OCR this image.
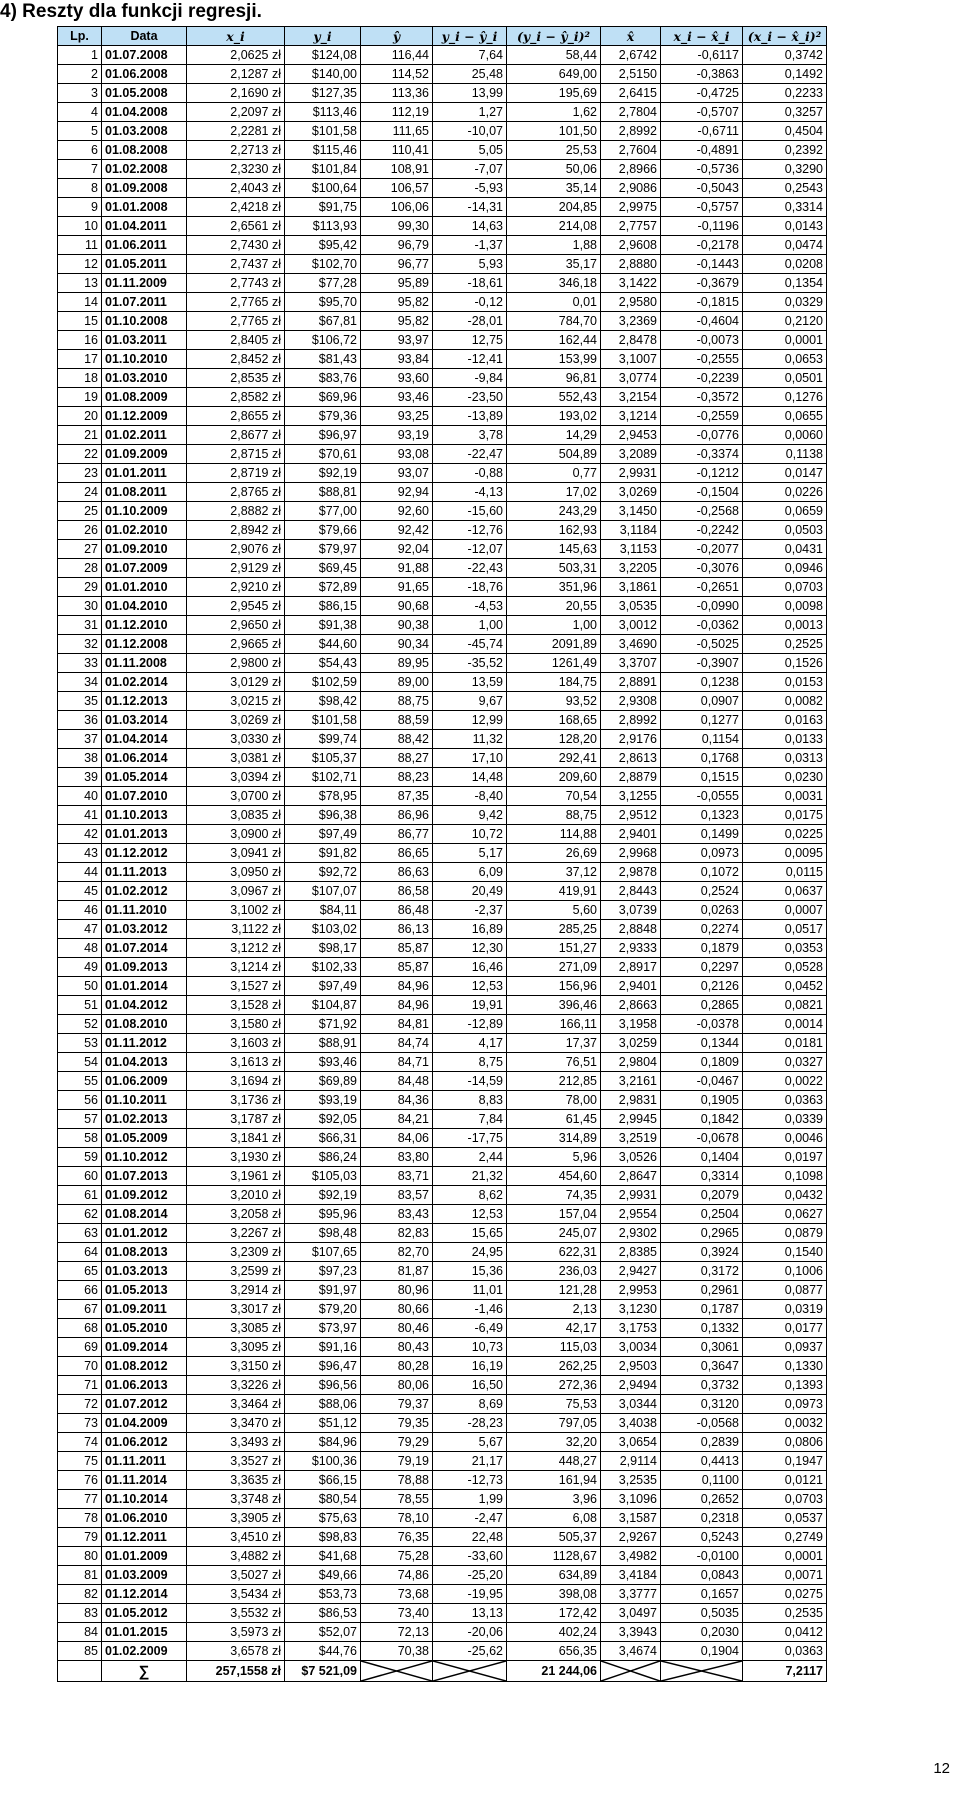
4) Reszty dla funkcji regresji.
Lp.	Data	x_i	y_i	ŷ	y_i − ŷ_i	(y_i − ŷ_i)²	x̂	x_i − x̂_i	(x_i − x̂_i)²
1	01.07.2008	2,0625 zł	$124,08	116,44	7,64	58,44	2,6742	-0,6117	0,3742
2	01.06.2008	2,1287 zł	$140,00	114,52	25,48	649,00	2,5150	-0,3863	0,1492
3	01.05.2008	2,1690 zł	$127,35	113,36	13,99	195,69	2,6415	-0,4725	0,2233
4	01.04.2008	2,2097 zł	$113,46	112,19	1,27	1,62	2,7804	-0,5707	0,3257
5	01.03.2008	2,2281 zł	$101,58	111,65	-10,07	101,50	2,8992	-0,6711	0,4504
6	01.08.2008	2,2713 zł	$115,46	110,41	5,05	25,53	2,7604	-0,4891	0,2392
7	01.02.2008	2,3230 zł	$101,84	108,91	-7,07	50,06	2,8966	-0,5736	0,3290
8	01.09.2008	2,4043 zł	$100,64	106,57	-5,93	35,14	2,9086	-0,5043	0,2543
9	01.01.2008	2,4218 zł	$91,75	106,06	-14,31	204,85	2,9975	-0,5757	0,3314
10	01.04.2011	2,6561 zł	$113,93	99,30	14,63	214,08	2,7757	-0,1196	0,0143
11	01.06.2011	2,7430 zł	$95,42	96,79	-1,37	1,88	2,9608	-0,2178	0,0474
12	01.05.2011	2,7437 zł	$102,70	96,77	5,93	35,17	2,8880	-0,1443	0,0208
13	01.11.2009	2,7743 zł	$77,28	95,89	-18,61	346,18	3,1422	-0,3679	0,1354
14	01.07.2011	2,7765 zł	$95,70	95,82	-0,12	0,01	2,9580	-0,1815	0,0329
15	01.10.2008	2,7765 zł	$67,81	95,82	-28,01	784,70	3,2369	-0,4604	0,2120
16	01.03.2011	2,8405 zł	$106,72	93,97	12,75	162,44	2,8478	-0,0073	0,0001
17	01.10.2010	2,8452 zł	$81,43	93,84	-12,41	153,99	3,1007	-0,2555	0,0653
18	01.03.2010	2,8535 zł	$83,76	93,60	-9,84	96,81	3,0774	-0,2239	0,0501
19	01.08.2009	2,8582 zł	$69,96	93,46	-23,50	552,43	3,2154	-0,3572	0,1276
20	01.12.2009	2,8655 zł	$79,36	93,25	-13,89	193,02	3,1214	-0,2559	0,0655
21	01.02.2011	2,8677 zł	$96,97	93,19	3,78	14,29	2,9453	-0,0776	0,0060
22	01.09.2009	2,8715 zł	$70,61	93,08	-22,47	504,89	3,2089	-0,3374	0,1138
23	01.01.2011	2,8719 zł	$92,19	93,07	-0,88	0,77	2,9931	-0,1212	0,0147
24	01.08.2011	2,8765 zł	$88,81	92,94	-4,13	17,02	3,0269	-0,1504	0,0226
25	01.10.2009	2,8882 zł	$77,00	92,60	-15,60	243,29	3,1450	-0,2568	0,0659
26	01.02.2010	2,8942 zł	$79,66	92,42	-12,76	162,93	3,1184	-0,2242	0,0503
27	01.09.2010	2,9076 zł	$79,97	92,04	-12,07	145,63	3,1153	-0,2077	0,0431
28	01.07.2009	2,9129 zł	$69,45	91,88	-22,43	503,31	3,2205	-0,3076	0,0946
29	01.01.2010	2,9210 zł	$72,89	91,65	-18,76	351,96	3,1861	-0,2651	0,0703
30	01.04.2010	2,9545 zł	$86,15	90,68	-4,53	20,55	3,0535	-0,0990	0,0098
31	01.12.2010	2,9650 zł	$91,38	90,38	1,00	1,00	3,0012	-0,0362	0,0013
32	01.12.2008	2,9665 zł	$44,60	90,34	-45,74	2091,89	3,4690	-0,5025	0,2525
33	01.11.2008	2,9800 zł	$54,43	89,95	-35,52	1261,49	3,3707	-0,3907	0,1526
34	01.02.2014	3,0129 zł	$102,59	89,00	13,59	184,75	2,8891	0,1238	0,0153
35	01.12.2013	3,0215 zł	$98,42	88,75	9,67	93,52	2,9308	0,0907	0,0082
36	01.03.2014	3,0269 zł	$101,58	88,59	12,99	168,65	2,8992	0,1277	0,0163
37	01.04.2014	3,0330 zł	$99,74	88,42	11,32	128,20	2,9176	0,1154	0,0133
38	01.06.2014	3,0381 zł	$105,37	88,27	17,10	292,41	2,8613	0,1768	0,0313
39	01.05.2014	3,0394 zł	$102,71	88,23	14,48	209,60	2,8879	0,1515	0,0230
40	01.07.2010	3,0700 zł	$78,95	87,35	-8,40	70,54	3,1255	-0,0555	0,0031
41	01.10.2013	3,0835 zł	$96,38	86,96	9,42	88,75	2,9512	0,1323	0,0175
42	01.01.2013	3,0900 zł	$97,49	86,77	10,72	114,88	2,9401	0,1499	0,0225
43	01.12.2012	3,0941 zł	$91,82	86,65	5,17	26,69	2,9968	0,0973	0,0095
44	01.11.2013	3,0950 zł	$92,72	86,63	6,09	37,12	2,9878	0,1072	0,0115
45	01.02.2012	3,0967 zł	$107,07	86,58	20,49	419,91	2,8443	0,2524	0,0637
46	01.11.2010	3,1002 zł	$84,11	86,48	-2,37	5,60	3,0739	0,0263	0,0007
47	01.03.2012	3,1122 zł	$103,02	86,13	16,89	285,25	2,8848	0,2274	0,0517
48	01.07.2014	3,1212 zł	$98,17	85,87	12,30	151,27	2,9333	0,1879	0,0353
49	01.09.2013	3,1214 zł	$102,33	85,87	16,46	271,09	2,8917	0,2297	0,0528
50	01.01.2014	3,1527 zł	$97,49	84,96	12,53	156,96	2,9401	0,2126	0,0452
51	01.04.2012	3,1528 zł	$104,87	84,96	19,91	396,46	2,8663	0,2865	0,0821
52	01.08.2010	3,1580 zł	$71,92	84,81	-12,89	166,11	3,1958	-0,0378	0,0014
53	01.11.2012	3,1603 zł	$88,91	84,74	4,17	17,37	3,0259	0,1344	0,0181
54	01.04.2013	3,1613 zł	$93,46	84,71	8,75	76,51	2,9804	0,1809	0,0327
55	01.06.2009	3,1694 zł	$69,89	84,48	-14,59	212,85	3,2161	-0,0467	0,0022
56	01.10.2011	3,1736 zł	$93,19	84,36	8,83	78,00	2,9831	0,1905	0,0363
57	01.02.2013	3,1787 zł	$92,05	84,21	7,84	61,45	2,9945	0,1842	0,0339
58	01.05.2009	3,1841 zł	$66,31	84,06	-17,75	314,89	3,2519	-0,0678	0,0046
59	01.10.2012	3,1930 zł	$86,24	83,80	2,44	5,96	3,0526	0,1404	0,0197
60	01.07.2013	3,1961 zł	$105,03	83,71	21,32	454,60	2,8647	0,3314	0,1098
61	01.09.2012	3,2010 zł	$92,19	83,57	8,62	74,35	2,9931	0,2079	0,0432
62	01.08.2014	3,2058 zł	$95,96	83,43	12,53	157,04	2,9554	0,2504	0,0627
63	01.01.2012	3,2267 zł	$98,48	82,83	15,65	245,07	2,9302	0,2965	0,0879
64	01.08.2013	3,2309 zł	$107,65	82,70	24,95	622,31	2,8385	0,3924	0,1540
65	01.03.2013	3,2599 zł	$97,23	81,87	15,36	236,03	2,9427	0,3172	0,1006
66	01.05.2013	3,2914 zł	$91,97	80,96	11,01	121,28	2,9953	0,2961	0,0877
67	01.09.2011	3,3017 zł	$79,20	80,66	-1,46	2,13	3,1230	0,1787	0,0319
68	01.05.2010	3,3085 zł	$73,97	80,46	-6,49	42,17	3,1753	0,1332	0,0177
69	01.09.2014	3,3095 zł	$91,16	80,43	10,73	115,03	3,0034	0,3061	0,0937
70	01.08.2012	3,3150 zł	$96,47	80,28	16,19	262,25	2,9503	0,3647	0,1330
71	01.06.2013	3,3226 zł	$96,56	80,06	16,50	272,36	2,9494	0,3732	0,1393
72	01.07.2012	3,3464 zł	$88,06	79,37	8,69	75,53	3,0344	0,3120	0,0973
73	01.04.2009	3,3470 zł	$51,12	79,35	-28,23	797,05	3,4038	-0,0568	0,0032
74	01.06.2012	3,3493 zł	$84,96	79,29	5,67	32,20	3,0654	0,2839	0,0806
75	01.11.2011	3,3527 zł	$100,36	79,19	21,17	448,27	2,9114	0,4413	0,1947
76	01.11.2014	3,3635 zł	$66,15	78,88	-12,73	161,94	3,2535	0,1100	0,0121
77	01.10.2014	3,3748 zł	$80,54	78,55	1,99	3,96	3,1096	0,2652	0,0703
78	01.06.2010	3,3905 zł	$75,63	78,10	-2,47	6,08	3,1587	0,2318	0,0537
79	01.12.2011	3,4510 zł	$98,83	76,35	22,48	505,37	2,9267	0,5243	0,2749
80	01.01.2009	3,4882 zł	$41,68	75,28	-33,60	1128,67	3,4982	-0,0100	0,0001
81	01.03.2009	3,5027 zł	$49,66	74,86	-25,20	634,89	3,4184	0,0843	0,0071
82	01.12.2014	3,5434 zł	$53,73	73,68	-19,95	398,08	3,3777	0,1657	0,0275
83	01.05.2012	3,5532 zł	$86,53	73,40	13,13	172,42	3,0497	0,5035	0,2535
84	01.01.2015	3,5973 zł	$52,07	72,13	-20,06	402,24	3,3943	0,2030	0,0412
85	01.02.2009	3,6578 zł	$44,76	70,38	-25,62	656,35	3,4674	0,1904	0,0363
	∑	257,1558 zł	$7 521,09			21 244,06			7,2117
12
